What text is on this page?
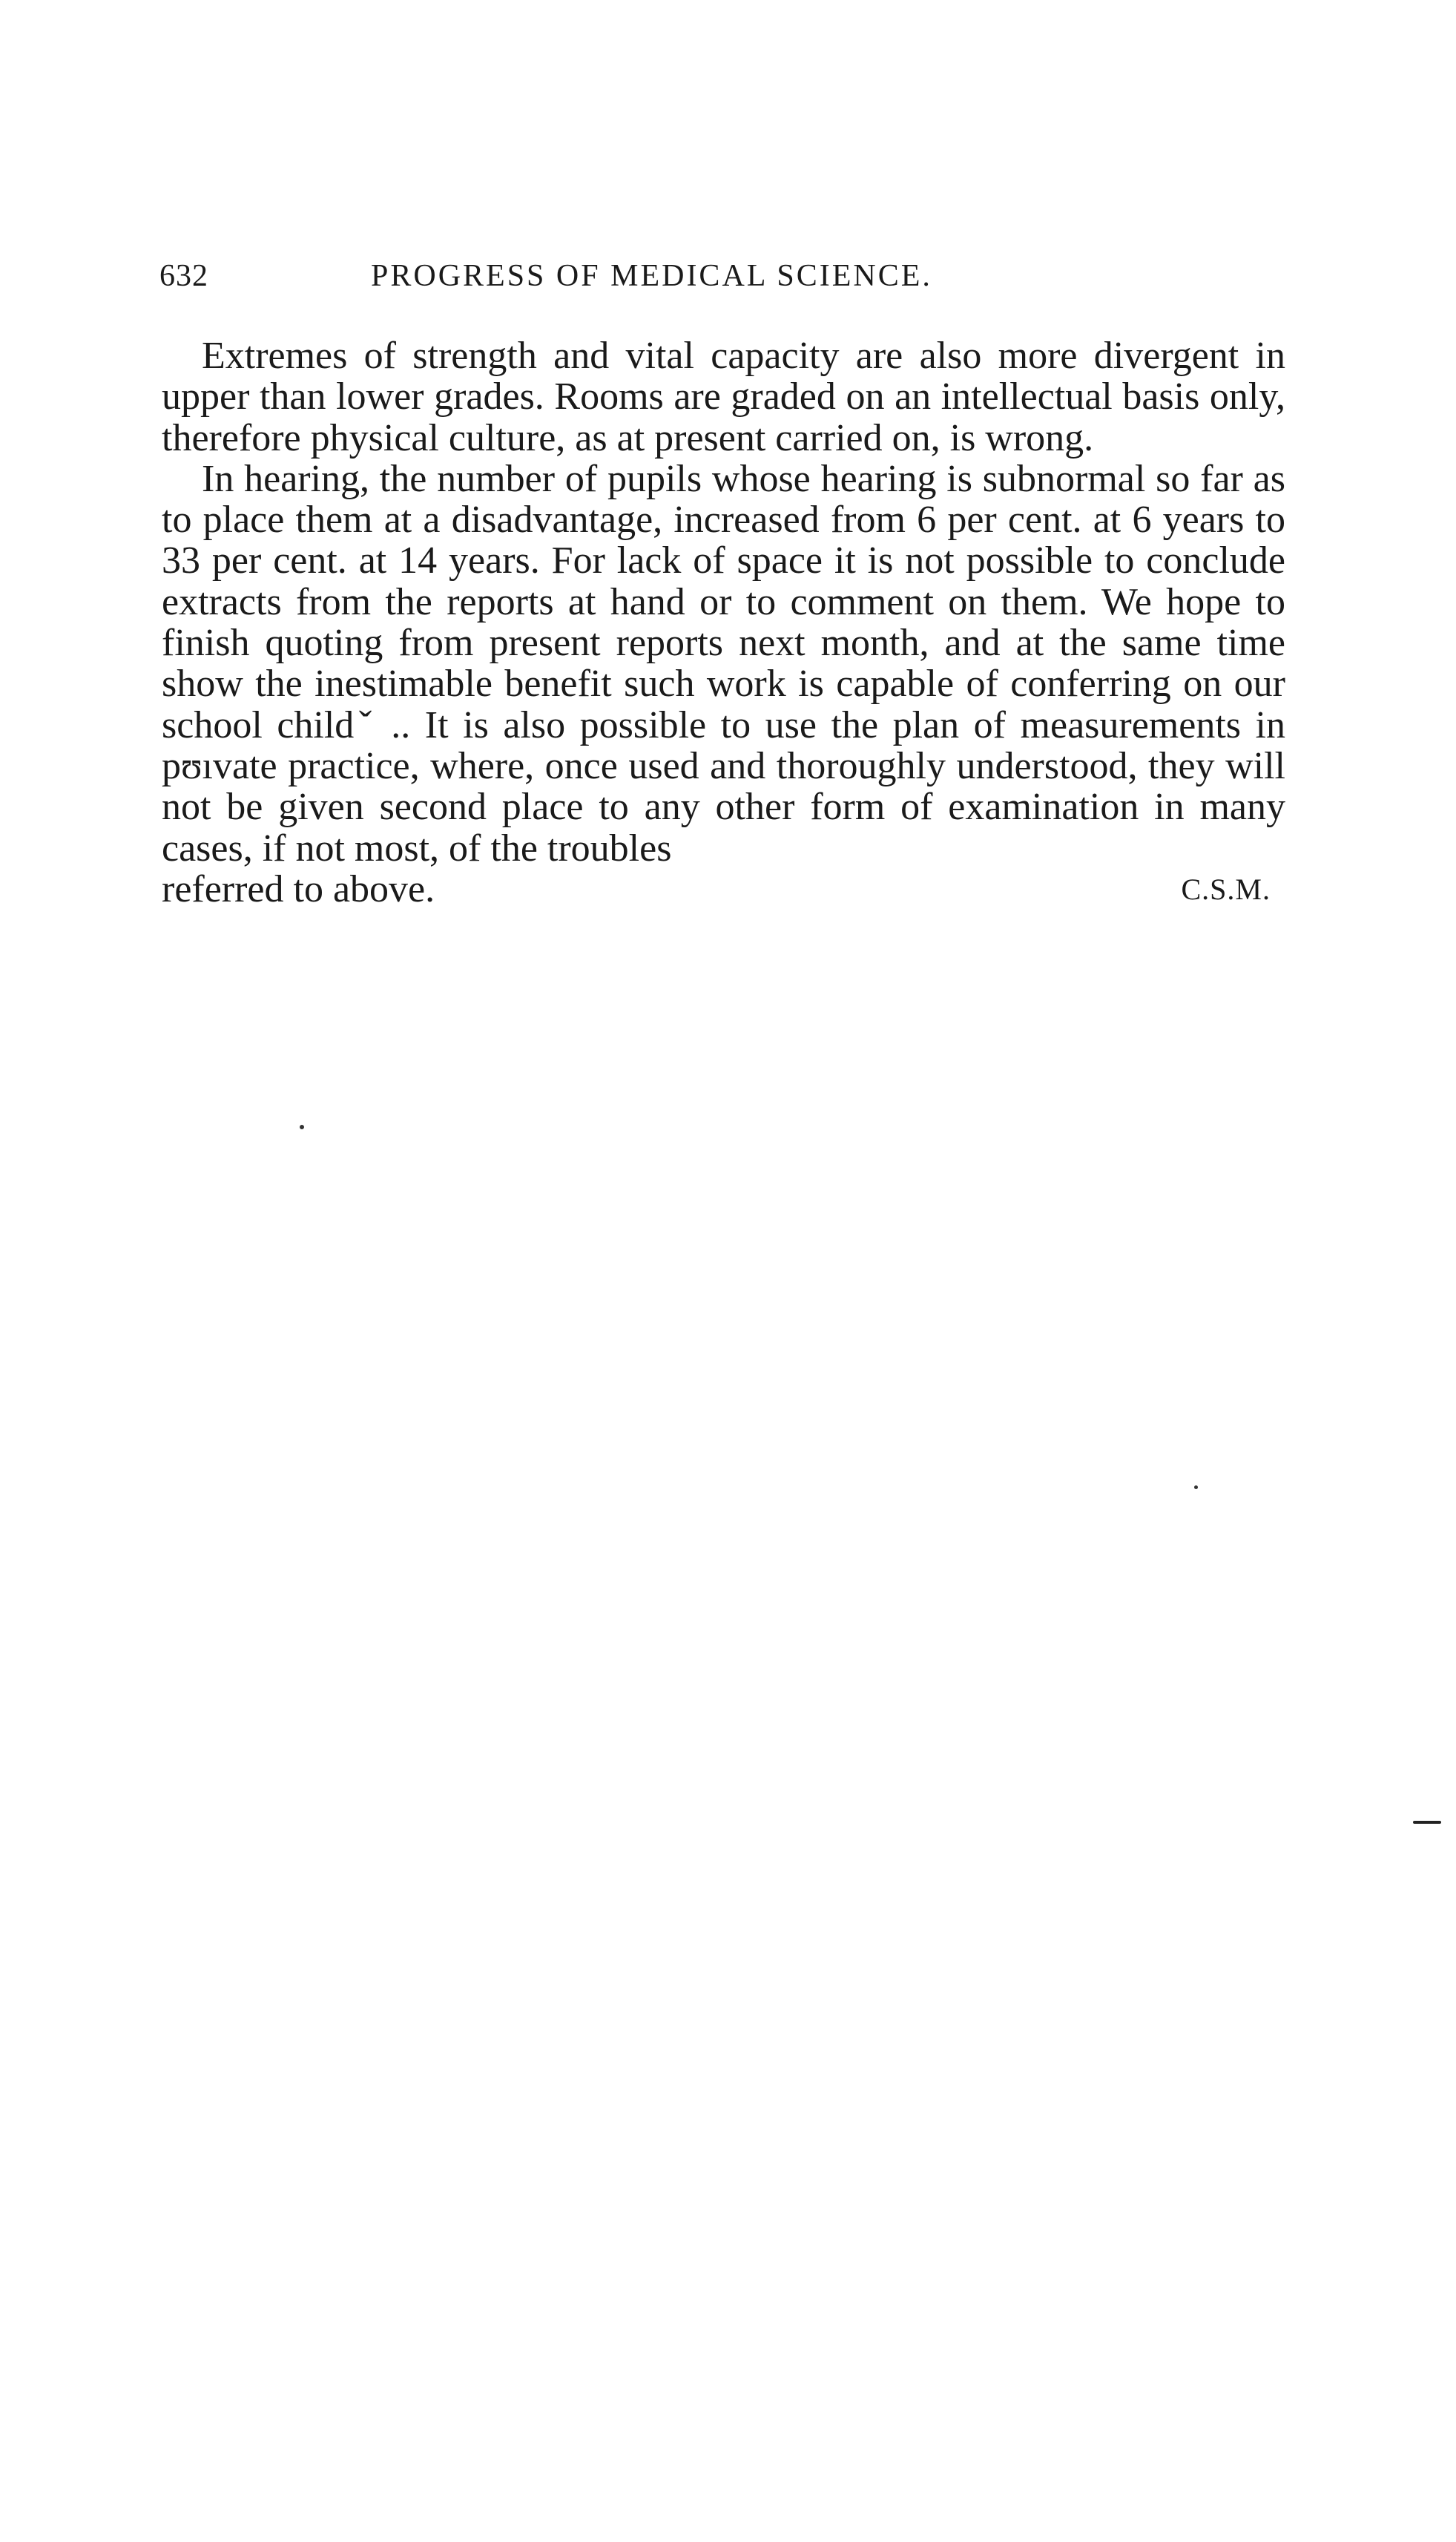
632	PROGRESS OF MEDICAL SCIENCE.

Extremes of strength and vital capacity are also more divergent in upper than lower grades. Rooms are graded on an intellectual basis only, therefore physical culture, as at present carried on, is wrong.

In hearing, the number of pupils whose hearing is subnormal so far as to place them at a disadvantage, increased from 6 per cent. at 6 years to 33 per cent. at 14 years. For lack of space it is not possible to conclude extracts from the reports at hand or to comment on them. We hope to finish quoting from present reports next month, and at the same time show the inestimable benefit such work is capable of conferring on our school childˇ .. It is also possible to use the plan of measurements in pʊıvate practice, where, once used and thoroughly understood, they will not be given second place to any other form of examination in many cases, if not most, of the troubles

referred to above.	C.S.M.
